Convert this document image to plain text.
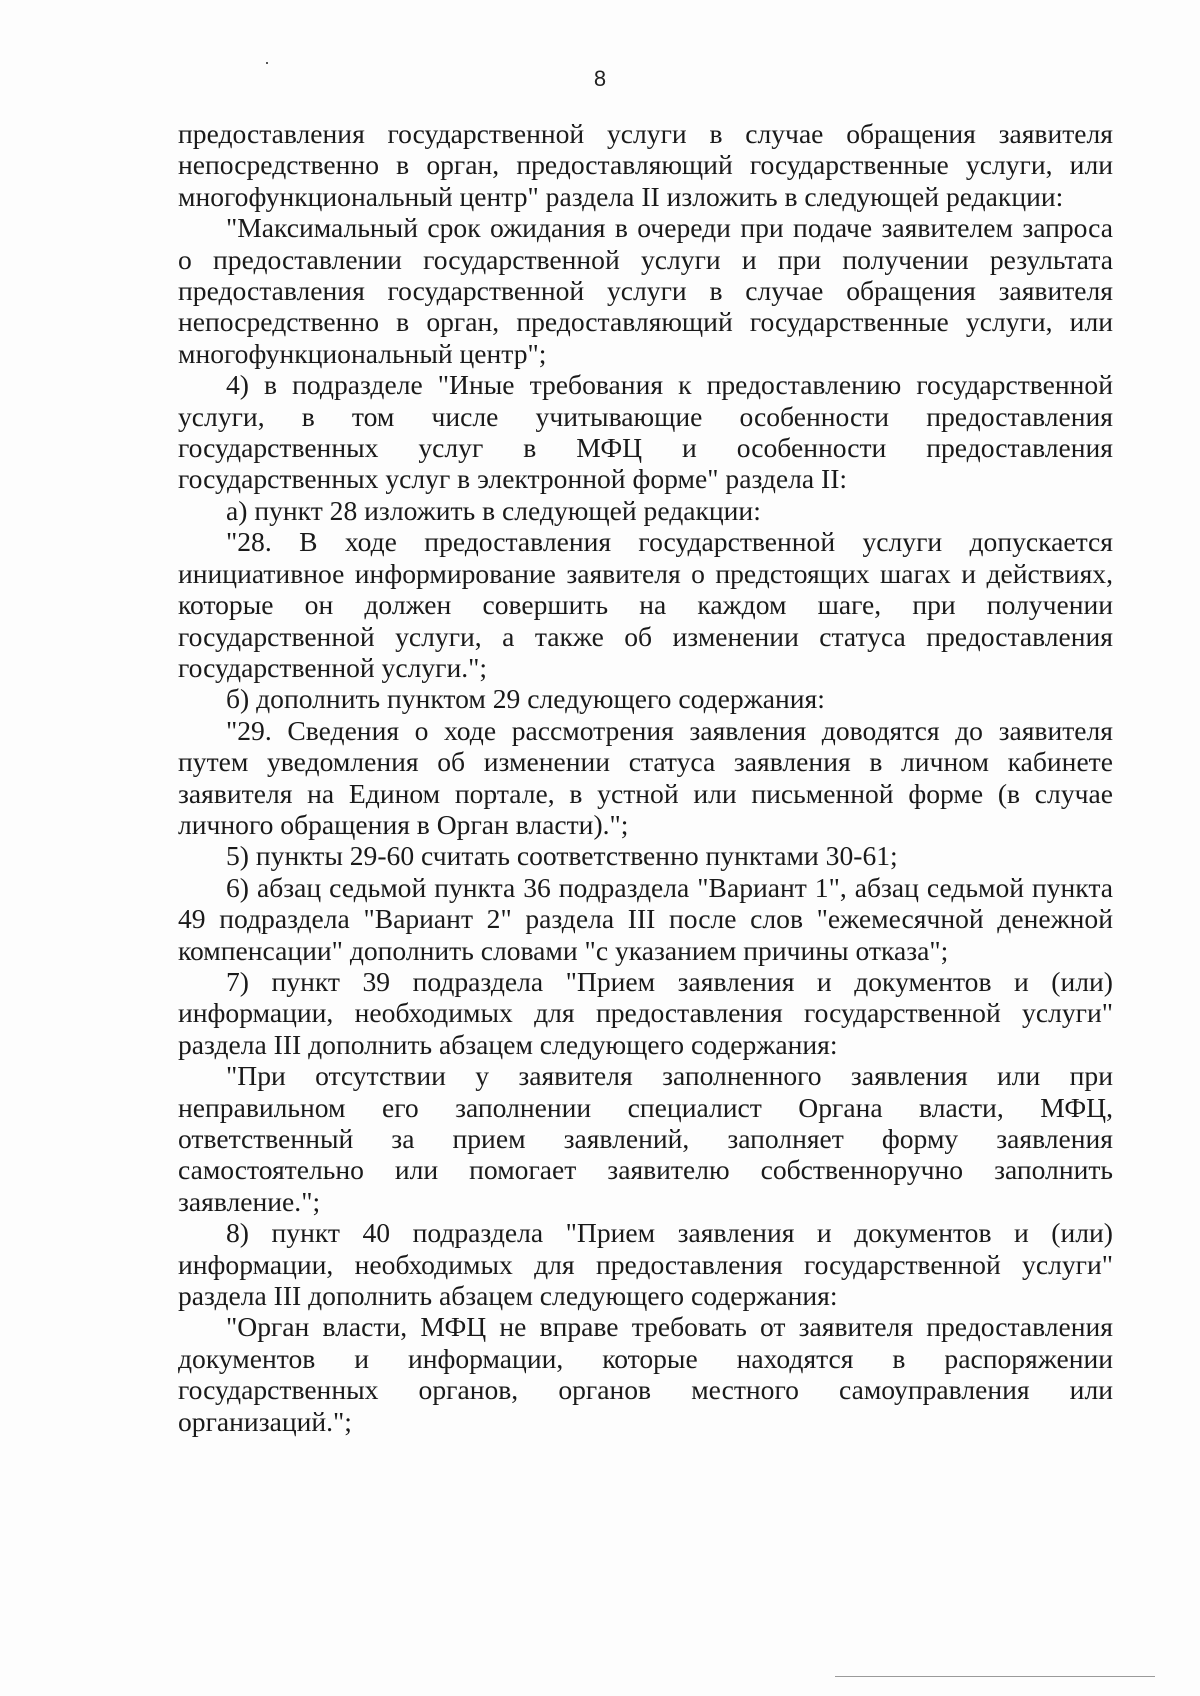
8

предоставления государственной услуги в случае обращения заявителя непосредственно в орган, предоставляющий государственные услуги, или многофункциональный центр" раздела II изложить в следующей редакции:

"Максимальный срок ожидания в очереди при подаче заявителем запроса о предоставлении государственной услуги и при получении результата предоставления государственной услуги в случае обращения заявителя непосредственно в орган, предоставляющий государственные услуги, или многофункциональный центр";

4) в подразделе "Иные требования к предоставлению государственной услуги, в том числе учитывающие особенности предоставления государственных услуг в МФЦ и особенности предоставления государственных услуг в электронной форме" раздела II:

а) пункт 28 изложить в следующей редакции:

"28. В ходе предоставления государственной услуги допускается инициативное информирование заявителя о предстоящих шагах и действиях, которые он должен совершить на каждом шаге, при получении государственной услуги, а также об изменении статуса предоставления государственной услуги.";

б) дополнить пунктом 29 следующего содержания:

"29. Сведения о ходе рассмотрения заявления доводятся до заявителя путем уведомления об изменении статуса заявления в личном кабинете заявителя на Едином портале, в устной или письменной форме (в случае личного обращения в Орган власти).";

5) пункты 29-60 считать соответственно пунктами 30-61;

6) абзац седьмой пункта 36 подраздела "Вариант 1", абзац седьмой пункта 49 подраздела "Вариант 2" раздела III после слов "ежемесячной денежной компенсации" дополнить словами "с указанием причины отказа";

7) пункт 39 подраздела "Прием заявления и документов и (или) информации, необходимых для предоставления государственной услуги" раздела III дополнить абзацем следующего содержания:

"При отсутствии у заявителя заполненного заявления или при неправильном его заполнении специалист Органа власти, МФЦ, ответственный за прием заявлений, заполняет форму заявления самостоятельно или помогает заявителю собственноручно заполнить заявление.";

8) пункт 40 подраздела "Прием заявления и документов и (или) информации, необходимых для предоставления государственной услуги" раздела III дополнить абзацем следующего содержания:

"Орган власти, МФЦ не вправе требовать от заявителя предоставления документов и информации, которые находятся в распоряжении государственных органов, органов местного самоуправления или организаций.";
